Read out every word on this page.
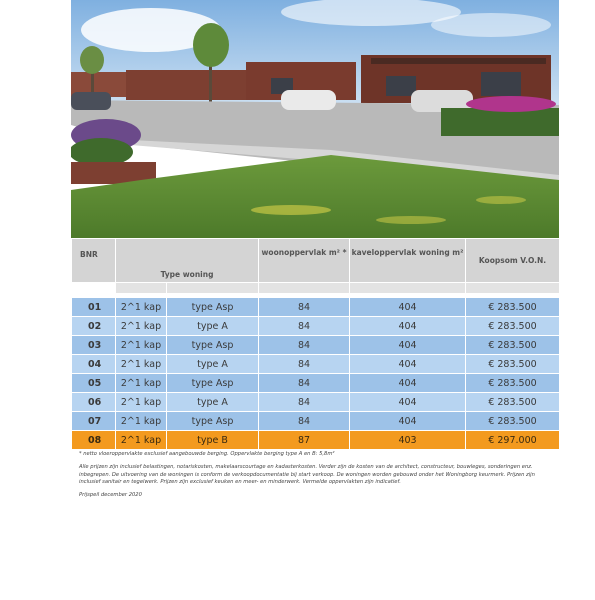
BNR	Type woning		woonoppervlak m² *	kaveloppervlak woning m²	Koopsom V.O.N.

01	2^1 kap	type Asp	84	404	€ 283.500
02	2^1 kap	type A	84	404	€ 283.500
03	2^1 kap	type Asp	84	404	€ 283.500
04	2^1 kap	type A	84	404	€ 283.500
05	2^1 kap	type Asp	84	404	€ 283.500
06	2^1 kap	type A	84	404	€ 283.500
07	2^1 kap	type Asp	84	404	€ 283.500
08	2^1 kap	type B	87	403	€ 297.000

* netto vloeroppervlakte exclusief aangebouwde berging. Oppervlakte berging type A en B: 5,8m²

Alle prijzen zijn inclusief belastingen, notariskosten, makelaarscourtage en kadasterkosten. Verder zijn de kosten van de architect, constructeur, bouwleges, sonderingen enz. inbegrepen. De uitvoering van de woningen is conform de verkoopdocumentatie bij start verkoop. De woningen worden gebouwd onder het Woningborg keurmerk. Prijzen zijn inclusief sanitair en tegelwerk. Prijzen zijn exclusief keuken en meer- en minderwerk. Vermelde oppervlakten zijn indicatief.

Prijspeil december 2020
